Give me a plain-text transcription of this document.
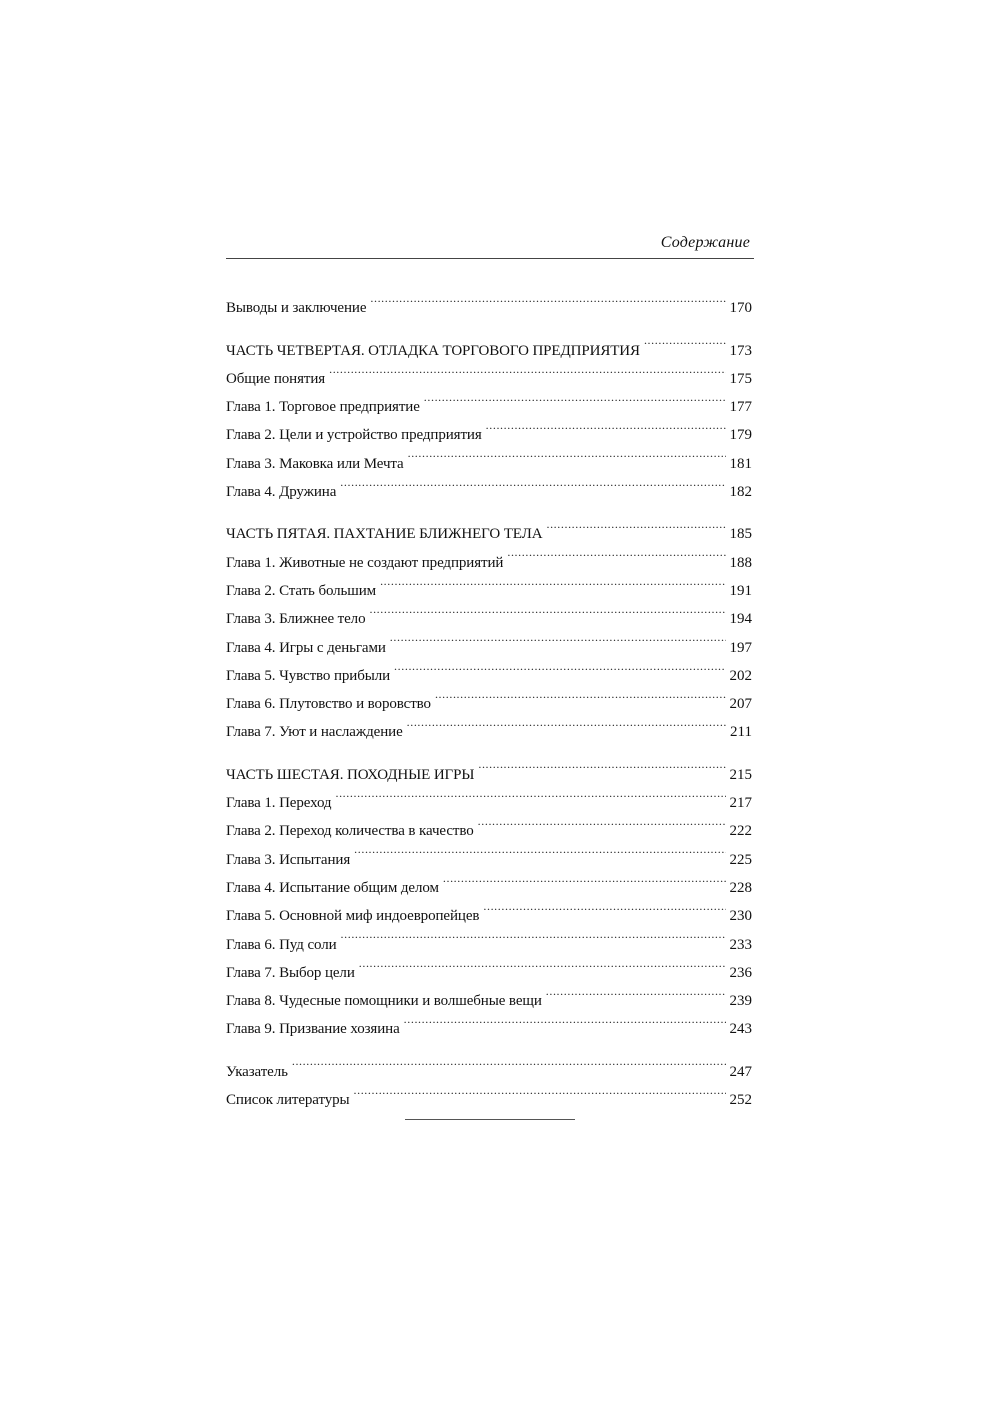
Содержание
Выводы и заключение . . .	170
ЧАСТЬ ЧЕТВЕРТАЯ. ОТЛАДКА ТОРГОВОГО ПРЕДПРИЯТИЯ . . .	173
Общие понятия . . .	175
Глава 1. Торговое предприятие . . .	177
Глава 2. Цели и устройство предприятия . . .	179
Глава 3. Маковка или Мечта . . .	181
Глава 4. Дружина . . .	182
ЧАСТЬ ПЯТАЯ. ПАХТАНИЕ БЛИЖНЕГО ТЕЛА . . .	185
Глава 1. Животные не создают предприятий . . .	188
Глава 2. Стать большим . . .	191
Глава 3. Ближнее тело . . .	194
Глава 4. Игры с деньгами . . .	197
Глава 5. Чувство прибыли . . .	202
Глава 6. Плутовство и воровство . . .	207
Глава 7. Уют и наслаждение . . .	211
ЧАСТЬ ШЕСТАЯ. ПОХОДНЫЕ ИГРЫ . . .	215
Глава 1. Переход . . .	217
Глава 2. Переход количества в качество . . .	222
Глава 3. Испытания . . .	225
Глава 4. Испытание общим делом . . .	228
Глава 5. Основной миф индоевропейцев . . .	230
Глава 6. Пуд соли . . .	233
Глава 7. Выбор цели . . .	236
Глава 8. Чудесные помощники и волшебные вещи . . .	239
Глава 9. Призвание хозяина . . .	243
Указатель . . .	247
Список литературы . . .	252
